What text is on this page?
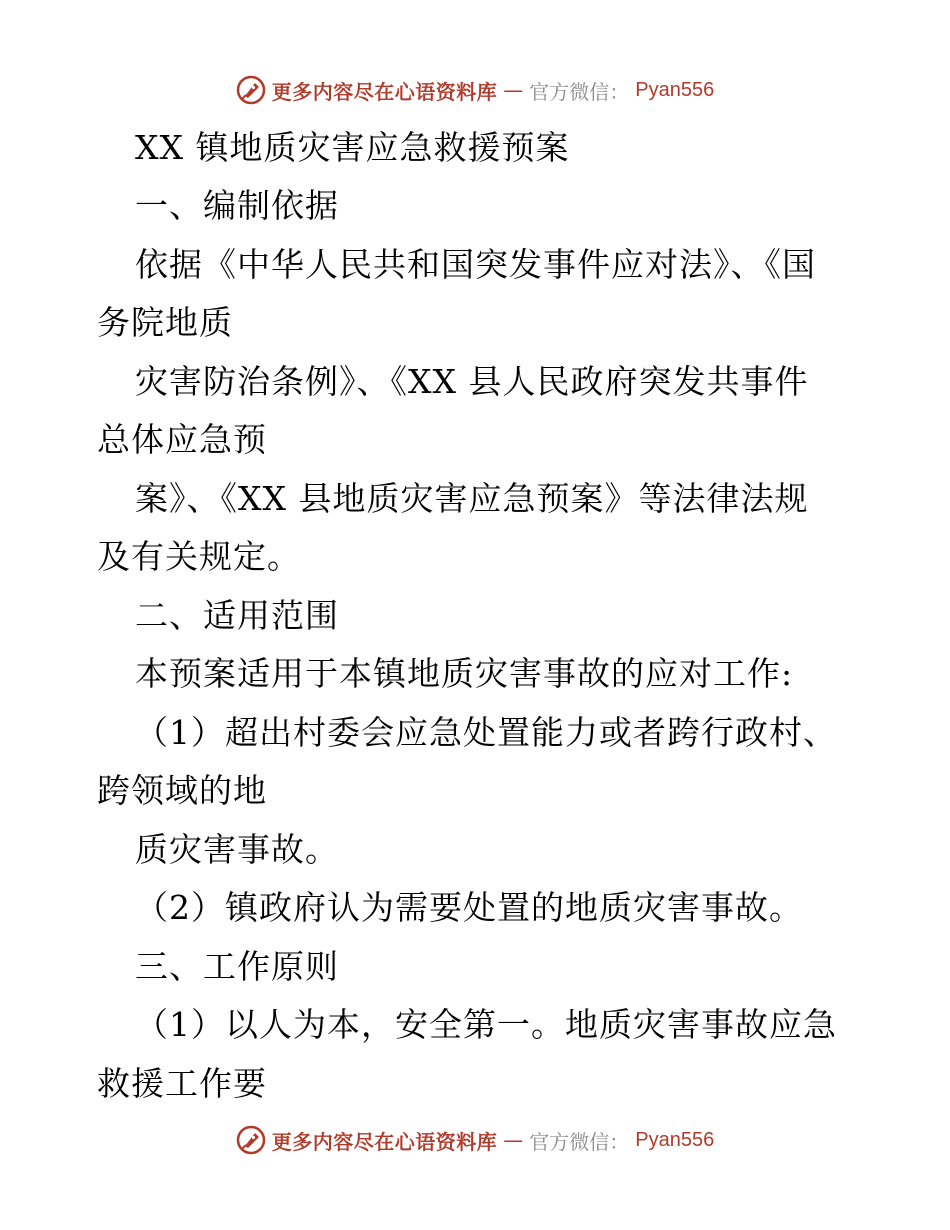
更多内容尽在心语资料库 — 官方微信： Pyan556
XX 镇地质灾害应急救援预案
一、编制依据
依据《中华人民共和国突发事件应对法》、《国
务院地质
灾害防治条例》、《XX 县人民政府突发共事件
总体应急预
案》、《XX 县地质灾害应急预案》等法律法规
及有关规定。
二、适用范围
本预案适用于本镇地质灾害事故的应对工作:
（1）超出村委会应急处置能力或者跨行政村、
跨领域的地
质灾害事故。
（2）镇政府认为需要处置的地质灾害事故。
三、工作原则
（1）以人为本，安全第一。地质灾害事故应急
救援工作要
更多内容尽在心语资料库 — 官方微信： Pyan556
